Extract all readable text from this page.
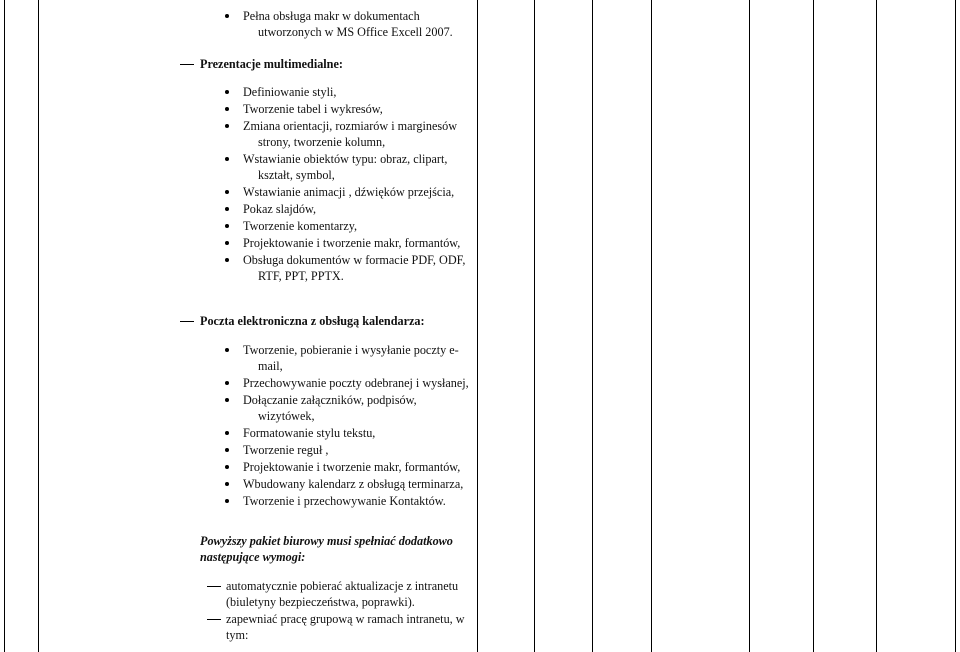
Pełna obsługa makr w dokumentach
utworzonych w MS Office Excell 2007.
Prezentacje multimedialne:
Definiowanie styli,
Tworzenie tabel i wykresów,
Zmiana orientacji, rozmiarów i marginesów
strony, tworzenie kolumn,
Wstawianie obiektów typu: obraz, clipart,
kształt, symbol,
Wstawianie animacji , dźwięków przejścia,
Pokaz slajdów,
Tworzenie komentarzy,
Projektowanie i tworzenie makr, formantów,
Obsługa dokumentów w formacie PDF, ODF,
RTF, PPT, PPTX.
Poczta elektroniczna z obsługą kalendarza:
Tworzenie, pobieranie i wysyłanie poczty e-
mail,
Przechowywanie poczty odebranej i wysłanej,
Dołączanie załączników, podpisów,
wizytówek,
Formatowanie stylu tekstu,
Tworzenie reguł ,
Projektowanie i tworzenie makr, formantów,
Wbudowany kalendarz z obsługą terminarza,
Tworzenie i przechowywanie Kontaktów.
Powyższy pakiet biurowy musi spełniać dodatkowo
następujące wymogi:
automatycznie pobierać aktualizacje z intranetu
(biuletyny bezpieczeństwa, poprawki).
zapewniać pracę grupową w ramach intranetu, w
tym:
